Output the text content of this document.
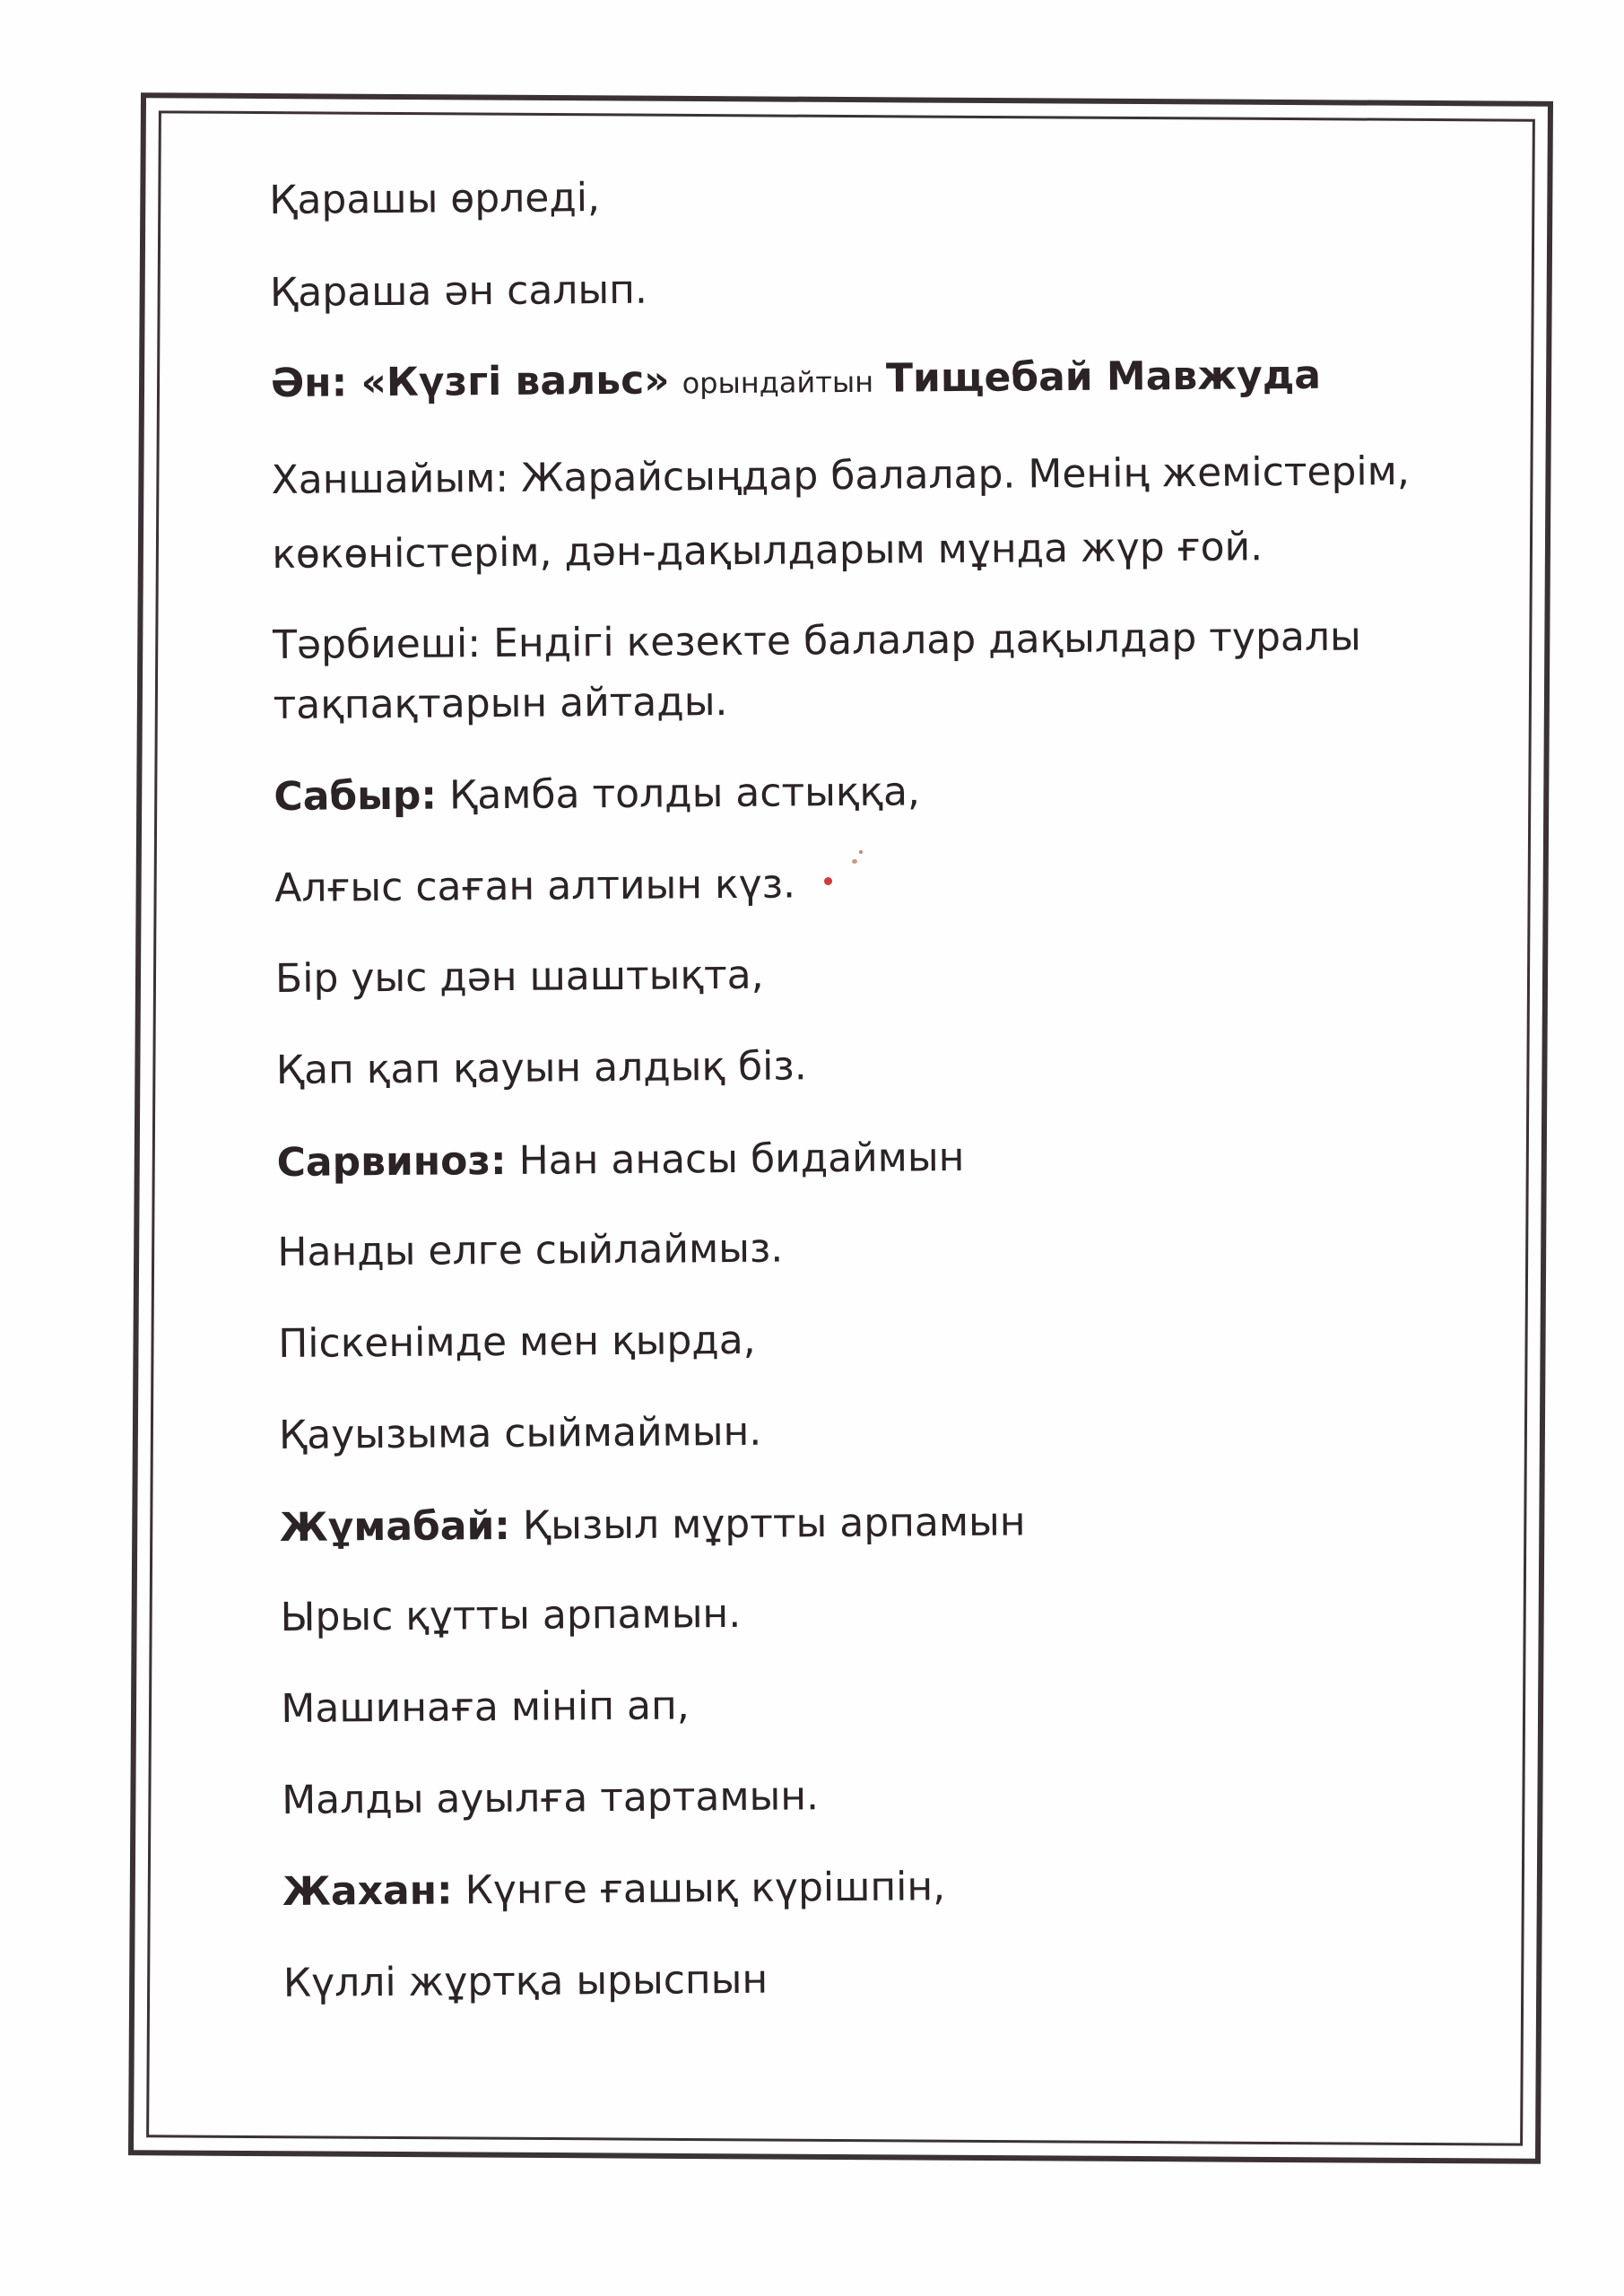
Қарашы өрледі,
Қараша ән салып.
Ән: «Күзгі вальс» орындайтын Тищебай Мавжуда
Ханшайым: Жарайсыңдар балалар. Менің жемістерім,
көкөністерім, дән-дақылдарым мұнда жүр ғой.
Тәрбиеші: Ендігі кезекте балалар дақылдар туралы
тақпақтарын айтады.
Сабыр: Қамба толды астыққа,
Алғыс саған алтиын күз.
Бір уыс дән шаштықта,
Қап қап қауын алдық біз.
Сарвиноз: Нан анасы бидаймын
Нанды елге сыйлаймыз.
Піскенімде мен қырда,
Қауызыма сыймаймын.
Жұмабай: Қызыл мұртты арпамын
Ырыс құтты арпамын.
Машинаға мініп ап,
Малды ауылға тартамын.
Жахан: Күнге ғашық күрішпін,
Күллі жұртқа ырыспын
